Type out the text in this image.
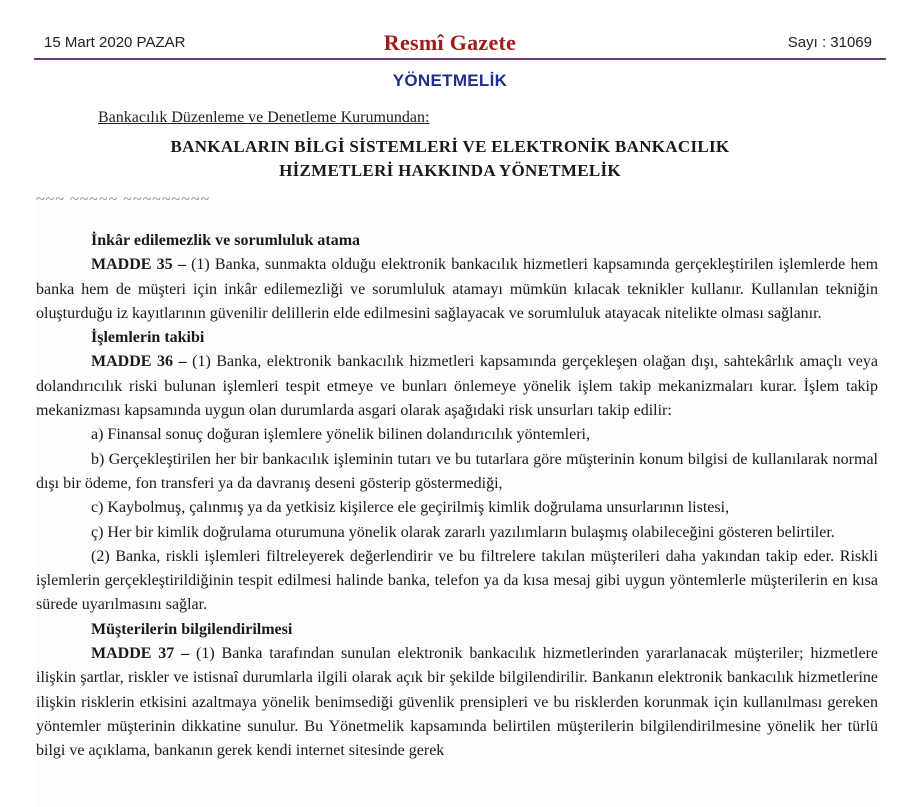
15 Mart 2020 PAZAR	Resmî Gazete	Sayı : 31069
YÖNETMELİK
Bankacılık Düzenleme ve Denetleme Kurumundan:
BANKALARIN BİLGİ SİSTEMLERİ VE ELEKTRONİK BANKACILIK
HİZMETLERİ HAKKINDA YÖNETMELİK
~~~ ~~~~~ ~~~~~~~~~

İnkâr edilemezlik ve sorumluluk atama

MADDE 35 – (1) Banka, sunmakta olduğu elektronik bankacılık hizmetleri kapsamında gerçekleştirilen işlemlerde hem banka hem de müşteri için inkâr edilemezliği ve sorumluluk atamayı mümkün kılacak teknikler kullanır. Kullanılan tekniğin oluşturduğu iz kayıtlarının güvenilir delillerin elde edilmesini sağlayacak ve sorumluluk atayacak nitelikte olması sağlanır.

İşlemlerin takibi

MADDE 36 – (1) Banka, elektronik bankacılık hizmetleri kapsamında gerçekleşen olağan dışı, sahtekârlık amaçlı veya dolandırıcılık riski bulunan işlemleri tespit etmeye ve bunları önlemeye yönelik işlem takip mekanizmaları kurar. İşlem takip mekanizması kapsamında uygun olan durumlarda asgari olarak aşağıdaki risk unsurları takip edilir:

a) Finansal sonuç doğuran işlemlere yönelik bilinen dolandırıcılık yöntemleri,

b) Gerçekleştirilen her bir bankacılık işleminin tutarı ve bu tutarlara göre müşterinin konum bilgisi de kullanılarak normal dışı bir ödeme, fon transferi ya da davranış deseni gösterip göstermediği,

c) Kaybolmuş, çalınmış ya da yetkisiz kişilerce ele geçirilmiş kimlik doğrulama unsurlarının listesi,

ç) Her bir kimlik doğrulama oturumuna yönelik olarak zararlı yazılımların bulaşmış olabileceğini gösteren belirtiler.

(2) Banka, riskli işlemleri filtreleyerek değerlendirir ve bu filtrelere takılan müşterileri daha yakından takip eder. Riskli işlemlerin gerçekleştirildiğinin tespit edilmesi halinde banka, telefon ya da kısa mesaj gibi uygun yöntemlerle müşterilerin en kısa sürede uyarılmasını sağlar.

Müşterilerin bilgilendirilmesi

MADDE 37 – (1) Banka tarafından sunulan elektronik bankacılık hizmetlerinden yararlanacak müşteriler; hizmetlere ilişkin şartlar, riskler ve istisnaî durumlarla ilgili olarak açık bir şekilde bilgilendirilir. Bankanın elektronik bankacılık hizmetlerine ilişkin risklerin etkisini azaltmaya yönelik benimsediği güvenlik prensipleri ve bu risklerden korunmak için kullanılması gereken yöntemler müşterinin dikkatine sunulur. Bu Yönetmelik kapsamında belirtilen müşterilerin bilgilendirilmesine yönelik her türlü bilgi ve açıklama, bankanın gerek kendi internet sitesinde gerek
